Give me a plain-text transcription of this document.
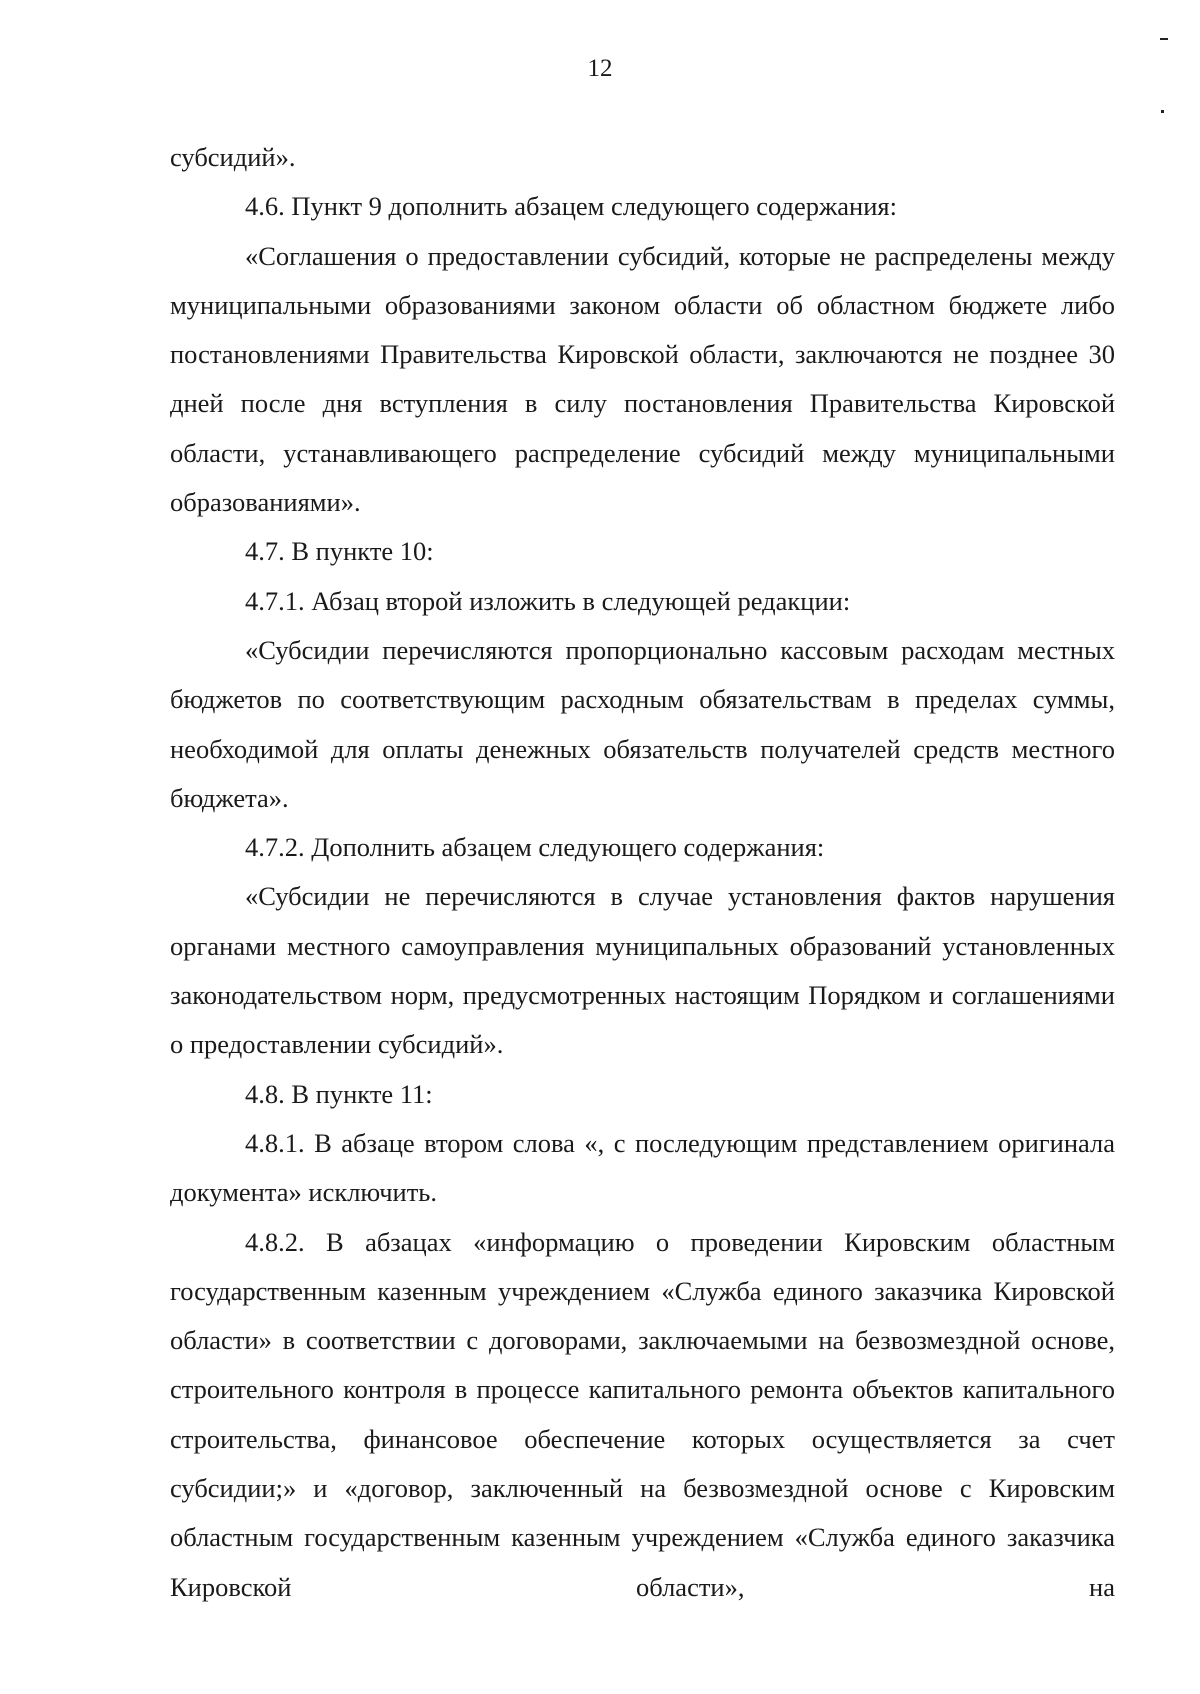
12

субсидий».

4.6. Пункт 9 дополнить абзацем следующего содержания:

«Соглашения о предоставлении субсидий, которые не распределены между муниципальными образованиями законом области об областном бюджете либо постановлениями Правительства Кировской области, заключаются не позднее 30 дней после дня вступления в силу постановления Правительства Кировской области, устанавливающего распределение субсидий между муниципальными образованиями».

4.7. В пункте 10:

4.7.1. Абзац второй изложить в следующей редакции:

«Субсидии перечисляются пропорционально кассовым расходам местных бюджетов по соответствующим расходным обязательствам в пределах суммы, необходимой для оплаты денежных обязательств получателей средств местного бюджета».

4.7.2. Дополнить абзацем следующего содержания:

«Субсидии не перечисляются в случае установления фактов нарушения органами местного самоуправления муниципальных образований установленных законодательством норм, предусмотренных настоящим Порядком и соглашениями о предоставлении субсидий».

4.8. В пункте 11:

4.8.1. В абзаце втором слова «, с последующим представлением оригинала документа» исключить.

4.8.2. В абзацах «информацию о проведении Кировским областным государственным казенным учреждением «Служба единого заказчика Кировской области» в соответствии с договорами, заключаемыми на безвозмездной основе, строительного контроля в процессе капитального ремонта объектов капитального строительства, финансовое обеспечение которых осуществляется за счет субсидии;» и «договор, заключенный на безвозмездной основе с Кировским областным государственным казенным учреждением «Служба единого заказчика Кировской области», на
